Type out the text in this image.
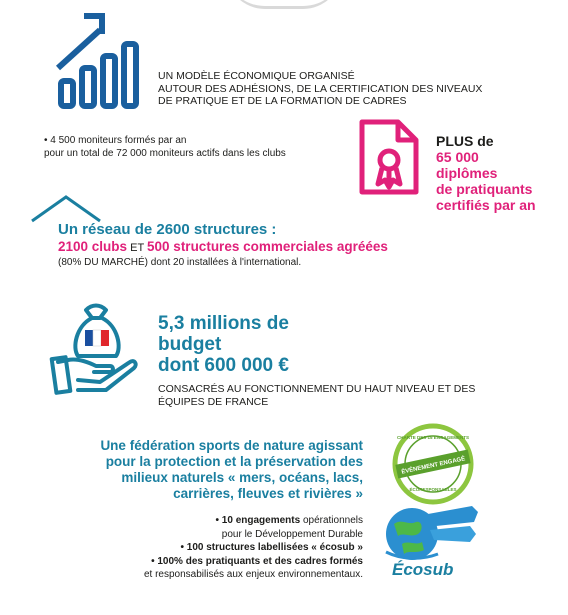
UN MODÈLE ÉCONOMIQUE ORGANISÉ
AUTOUR DES ADHÉSIONS, DE LA CERTIFICATION DES NIVEAUX
DE PRATIQUE ET DE LA FORMATION DE CADRES
• 4 500 moniteurs formés par an
pour un total de 72 000 moniteurs actifs dans les clubs
PLUS de
65 000
diplômes
de pratiquants
certifiés par an
Un réseau de 2600 structures :
2100 clubs ET 500 structures commerciales agréées
(80% DU MARCHÉ) dont 20 installées à l'international.
5,3 millions de
budget
dont 600 000 €
CONSACRÉS AU FONCTIONNEMENT DU HAUT NIVEAU ET DES
ÉQUIPES DE FRANCE
Une fédération sports de nature agissant
pour la protection et la préservation des
milieux naturels « mers, océans, lacs,
carrières, fleuves et rivières »
• 10 engagements opérationnels
pour le Développement Durable
• 100 structures labellisées « écosub »
• 100% des pratiquants et des cadres formés
et responsabilisés aux enjeux environnementaux.
ÉVÉNEMENT ENGAGÉ
CHARTE DES 15 ENGAGEMENTS
ÉCORESPONSABLES
Écosub
